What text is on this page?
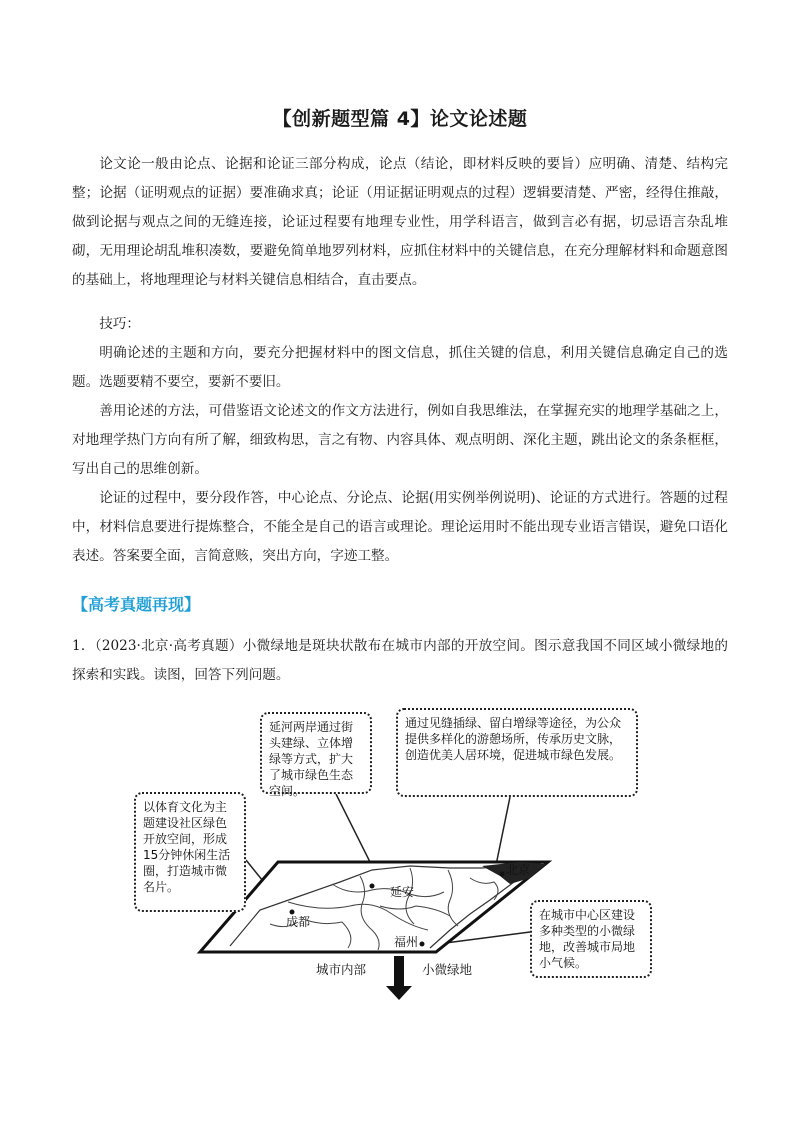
【创新题型篇 4】论文论述题

论文论一般由论点、论据和论证三部分构成，论点（结论，即材料反映的要旨）应明确、清楚、结构完整；论据（证明观点的证据）要准确求真；论证（用证据证明观点的过程）逻辑要清楚、严密，经得住推敲，做到论据与观点之间的无缝连接，论证过程要有地理专业性，用学科语言，做到言必有据，切忌语言杂乱堆砌，无用理论胡乱堆积凑数，要避免简单地罗列材料，应抓住材料中的关键信息，在充分理解材料和命题意图的基础上，将地理理论与材料关键信息相结合，直击要点。

技巧：

明确论述的主题和方向，要充分把握材料中的图文信息，抓住关键的信息，利用关键信息确定自己的选题。选题要精不要空，要新不要旧。

善用论述的方法，可借鉴语文论述文的作文方法进行，例如自我思维法，在掌握充实的地理学基础之上，对地理学热门方向有所了解，细致构思，言之有物、内容具体、观点明朗、深化主题，跳出论文的条条框框，写出自己的思维创新。

论证的过程中，要分段作答，中心论点、分论点、论据(用实例举例说明)、论证的方式进行。答题的过程中，材料信息要进行提炼整合，不能全是自己的语言或理论。理论运用时不能出现专业语言错误，避免口语化表述。答案要全面，言简意赅，突出方向，字迹工整。

【高考真题再现】

1．（2023·北京·高考真题）小微绿地是斑块状散布在城市内部的开放空间。图示意我国不同区域小微绿地的探索和实践。读图，回答下列问题。

延安
北京
成都
福州
延河两岸通过街头建绿、立体增绿等方式，扩大了城市绿色生态空间。
通过见缝插绿、留白增绿等途径，为公众提供多样化的游憩场所，传承历史文脉，创造优美人居环境，促进城市绿色发展。
以体育文化为主题建设社区绿色开放空间，形成15分钟休闲生活圈，打造城市微名片。
在城市中心区建设多种类型的小微绿地，改善城市局地小气候。
城市内部	小微绿地
